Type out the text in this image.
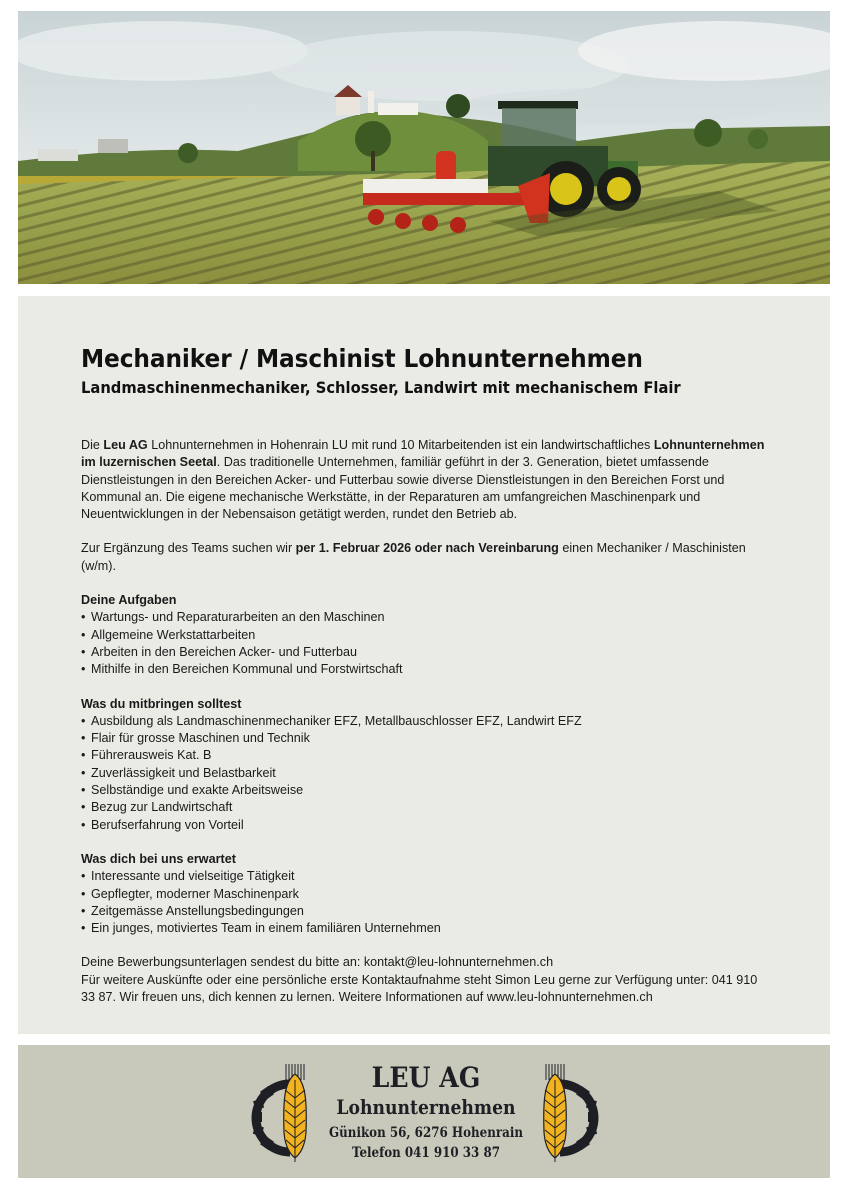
Mechaniker / Maschinist Lohnunternehmen
Landmaschinenmechaniker, Schlosser, Landwirt mit mechanischem Flair

Die Leu AG Lohnunternehmen in Hohenrain LU mit rund 10 Mitarbeitenden ist ein landwirtschaftliches Lohnunternehmen im luzernischen Seetal. Das traditionelle Unternehmen, familiär geführt in der 3. Generation, bietet umfassende Dienstleistungen in den Bereichen Acker- und Futterbau sowie diverse Dienstleistungen in den Bereichen Forst und Kommunal an. Die eigene mechanische Werkstätte, in der Reparaturen am umfangreichen Maschinenpark und Neuentwicklungen in der Nebensaison getätigt werden, rundet den Betrieb ab.

Zur Ergänzung des Teams suchen wir per 1. Februar 2026 oder nach Vereinbarung einen Mechaniker / Maschinisten (w/m).

Deine Aufgaben

• Wartungs- und Reparaturarbeiten an den Maschinen
• Allgemeine Werkstattarbeiten
• Arbeiten in den Bereichen Acker- und Futterbau
• Mithilfe in den Bereichen Kommunal und Forstwirtschaft

Was du mitbringen solltest

• Ausbildung als Landmaschinenmechaniker EFZ, Metallbauschlosser EFZ, Landwirt EFZ
• Flair für grosse Maschinen und Technik
• Führerausweis Kat. B
• Zuverlässigkeit und Belastbarkeit
• Selbständige und exakte Arbeitsweise
• Bezug zur Landwirtschaft
• Berufserfahrung von Vorteil

Was dich bei uns erwartet

• Interessante und vielseitige Tätigkeit
• Gepflegter, moderner Maschinenpark
• Zeitgemässe Anstellungsbedingungen
• Ein junges, motiviertes Team in einem familiären Unternehmen

Deine Bewerbungsunterlagen sendest du bitte an: kontakt@leu-lohnunternehmen.ch

Für weitere Auskünfte oder eine persönliche erste Kontaktaufnahme steht Simon Leu gerne zur Verfügung unter: 041 910 33 87. Wir freuen uns, dich kennen zu lernen. Weitere Informationen auf www.leu-lohnunternehmen.ch

LEU AG
Lohnunternehmen
Günikon 56, 6276 Hohenrain
Telefon 041 910 33 87
